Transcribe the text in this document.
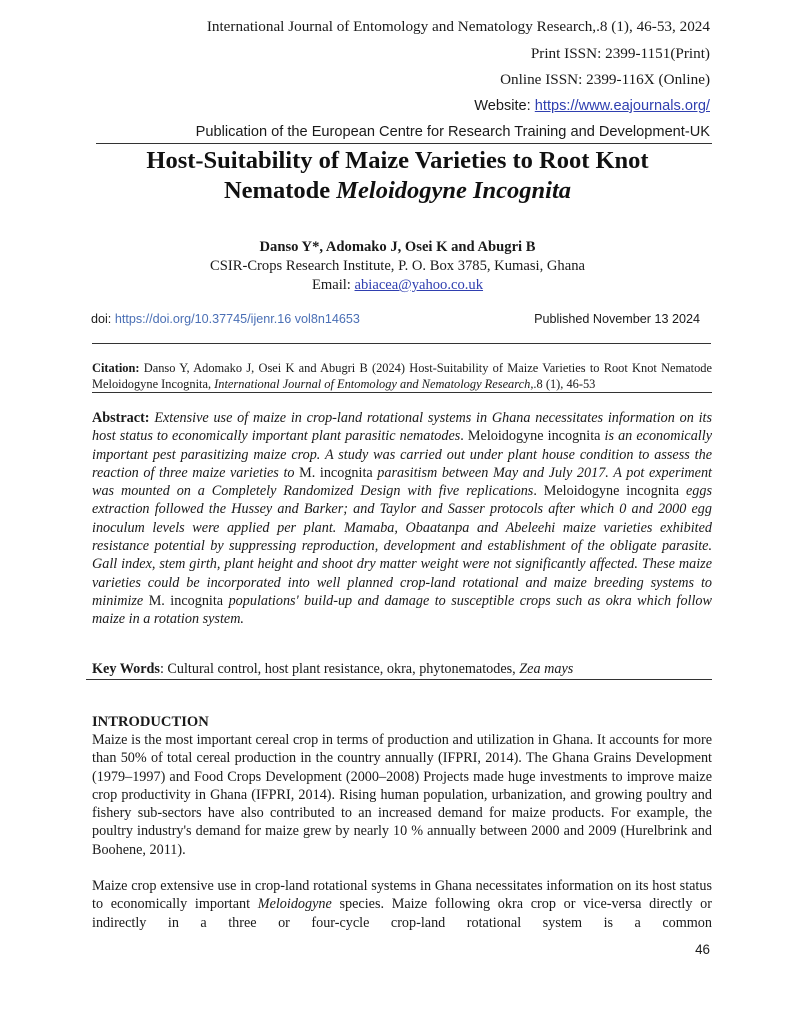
International Journal of Entomology and Nematology Research,.8 (1), 46-53, 2024
Print ISSN: 2399-1151(Print)
Online ISSN: 2399-116X (Online)
Website: https://www.eajournals.org/
Publication of the European Centre for Research Training and Development-UK
Host-Suitability of Maize Varieties to Root Knot
Nematode Meloidogyne Incognita
Danso Y*, Adomako J, Osei K and Abugri B
CSIR-Crops Research Institute, P. O. Box 3785, Kumasi, Ghana
Email: abiacea@yahoo.co.uk
doi: https://doi.org/10.37745/ijenr.16 vol8n14653	Published November 13 2024
Citation: Danso Y, Adomako J, Osei K and Abugri B (2024) Host-Suitability of Maize Varieties to Root Knot Nematode Meloidogyne Incognita, International Journal of Entomology and Nematology Research,.8 (1), 46-53
Abstract: Extensive use of maize in crop-land rotational systems in Ghana necessitates information on its host status to economically important plant parasitic nematodes. Meloidogyne incognita is an economically important pest parasitizing maize crop. A study was carried out under plant house condition to assess the reaction of three maize varieties to M. incognita parasitism between May and July 2017. A pot experiment was mounted on a Completely Randomized Design with five replications. Meloidogyne incognita eggs extraction followed the Hussey and Barker; and Taylor and Sasser protocols after which 0 and 2000 egg inoculum levels were applied per plant. Mamaba, Obaatanpa and Abeleehi maize varieties exhibited resistance potential by suppressing reproduction, development and establishment of the obligate parasite. Gall index, stem girth, plant height and shoot dry matter weight were not significantly affected. These maize varieties could be incorporated into well planned crop-land rotational and maize breeding systems to minimize M. incognita populations' build-up and damage to susceptible crops such as okra which follow maize in a rotation system.
Key Words: Cultural control, host plant resistance, okra, phytonematodes, Zea mays
INTRODUCTION
Maize is the most important cereal crop in terms of production and utilization in Ghana. It accounts for more than 50% of total cereal production in the country annually (IFPRI, 2014). The Ghana Grains Development (1979–1997) and Food Crops Development (2000–2008) Projects made huge investments to improve maize crop productivity in Ghana (IFPRI, 2014). Rising human population, urbanization, and growing poultry and fishery sub-sectors have also contributed to an increased demand for maize products. For example, the poultry industry's demand for maize grew by nearly 10 % annually between 2000 and 2009 (Hurelbrink and Boohene, 2011).
Maize crop extensive use in crop-land rotational systems in Ghana necessitates information on its host status to economically important Meloidogyne species. Maize following okra crop or vice-versa directly or indirectly in a three or four-cycle crop-land rotational system is a common
46
